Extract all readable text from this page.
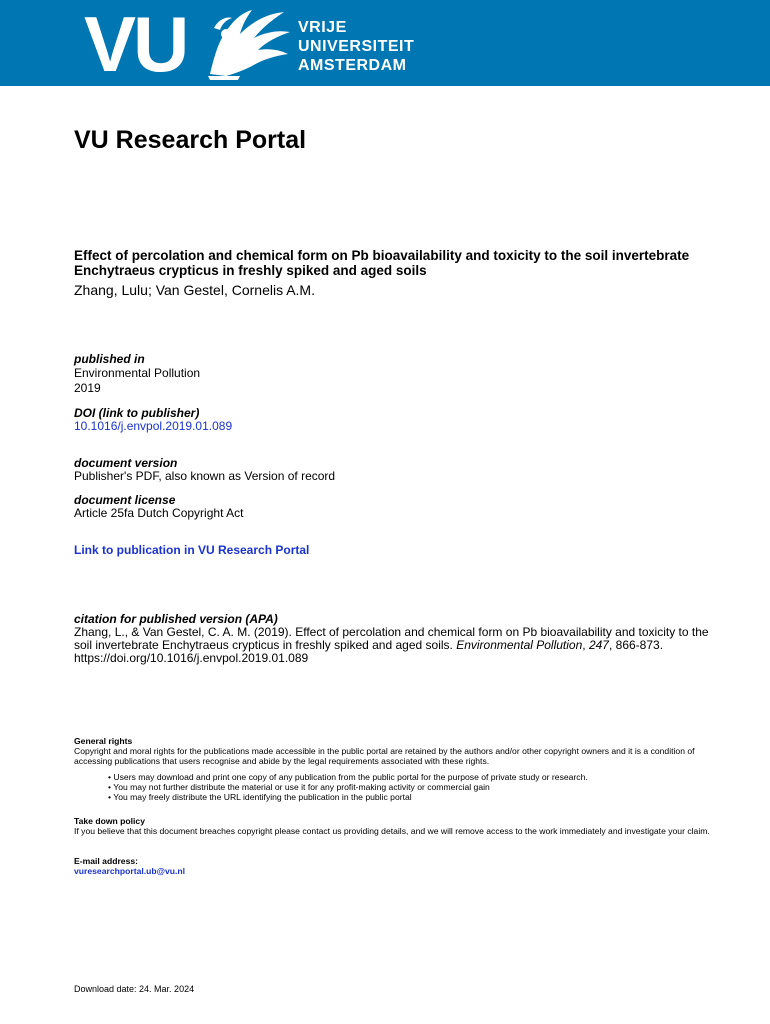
VU	VRIJE
UNIVERSITEIT
AMSTERDAM
VU Research Portal

Effect of percolation and chemical form on Pb bioavailability and toxicity to the soil invertebrate Enchytraeus crypticus in freshly spiked and aged soils

Zhang, Lulu; Van Gestel, Cornelis A.M.
published in
Environmental Pollution
2019
DOI (link to publisher)
10.1016/j.envpol.2019.01.089
document version
Publisher's PDF, also known as Version of record
document license
Article 25fa Dutch Copyright Act
Link to publication in VU Research Portal
citation for published version (APA)
Zhang, L., & Van Gestel, C. A. M. (2019). Effect of percolation and chemical form on Pb bioavailability and toxicity to the soil invertebrate Enchytraeus crypticus in freshly spiked and aged soils. Environmental Pollution, 247, 866-873. https://doi.org/10.1016/j.envpol.2019.01.089
General rights
Copyright and moral rights for the publications made accessible in the public portal are retained by the authors and/or other copyright owners and it is a condition of accessing publications that users recognise and abide by the legal requirements associated with these rights.
• Users may download and print one copy of any publication from the public portal for the purpose of private study or research.
• You may not further distribute the material or use it for any profit-making activity or commercial gain
• You may freely distribute the URL identifying the publication in the public portal
Take down policy
If you believe that this document breaches copyright please contact us providing details, and we will remove access to the work immediately and investigate your claim.
E-mail address:
vuresearchportal.ub@vu.nl
Download date: 24. Mar. 2024
